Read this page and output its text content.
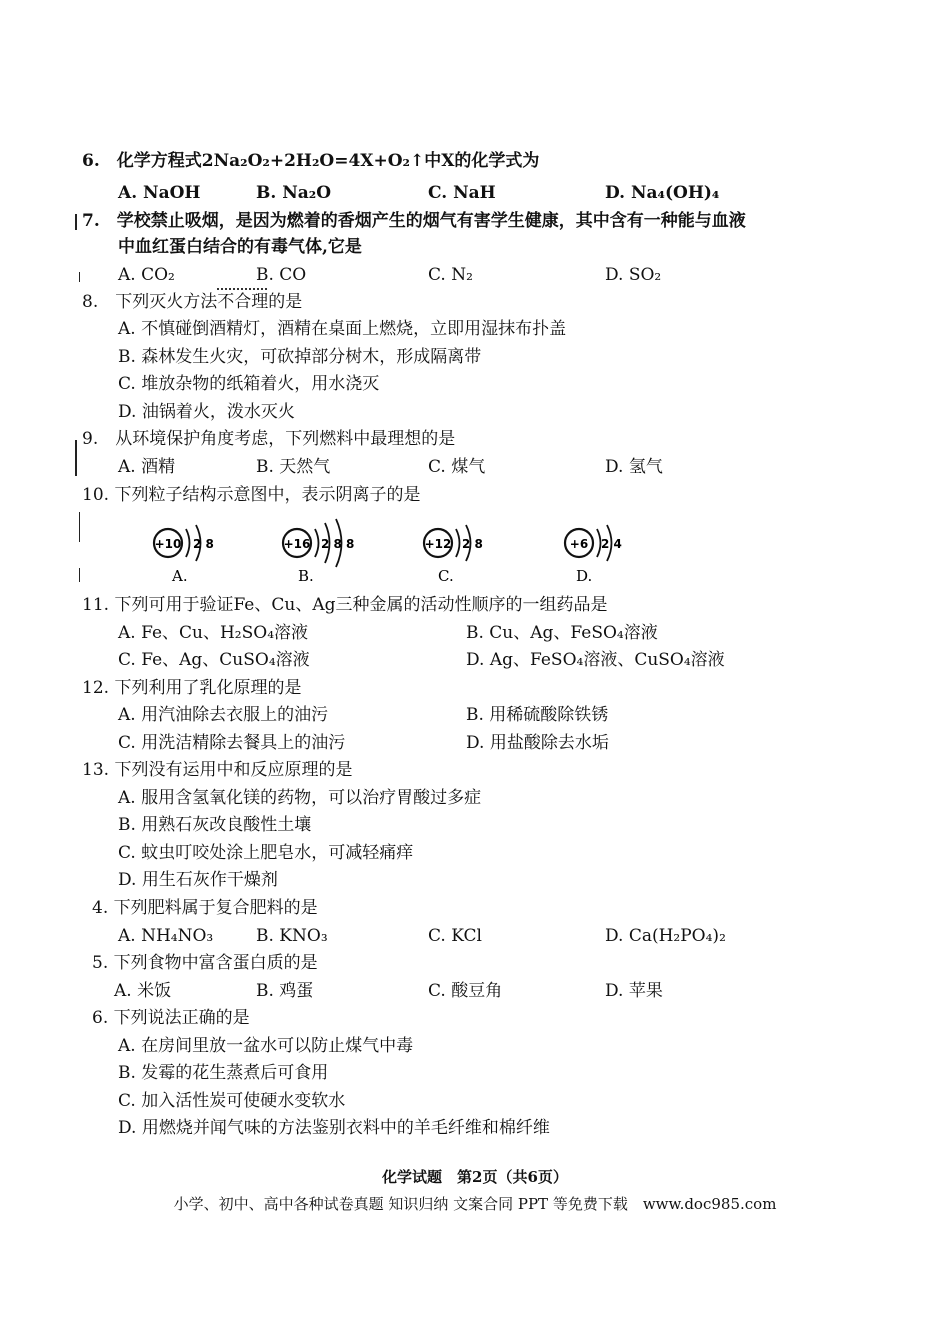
6.　化学方程式2Na₂O₂+2H₂O=4X+O₂↑中X的化学式为
A. NaOH	B. Na₂O	C. NaH	D. Na₄(OH)₄
7.　学校禁止吸烟，是因为燃着的香烟产生的烟气有害学生健康，其中含有一种能与血液
中血红蛋白结合的有毒气体,它是
A. CO₂	B. CO	C. N₂	D. SO₂
8.　下列灭火方法不合理的是
A. 不慎碰倒酒精灯，酒精在桌面上燃烧，立即用湿抹布扑盖
B. 森林发生火灾，可砍掉部分树木，形成隔离带
C. 堆放杂物的纸箱着火，用水浇灭
D. 油锅着火，泼水灭火
9.　从环境保护角度考虑，下列燃料中最理想的是
A. 酒精	B. 天然气	C. 煤气	D. 氢气
10. 下列粒子结构示意图中，表示阴离子的是
+10 2 8
A.
+16 2 8 8
B.
+12 2 8
C.
+6 2 4
D.
11. 下列可用于验证Fe、Cu、Ag三种金属的活动性顺序的一组药品是
A. Fe、Cu、H₂SO₄溶液	B. Cu、Ag、FeSO₄溶液
C. Fe、Ag、CuSO₄溶液	D. Ag、FeSO₄溶液、CuSO₄溶液
12. 下列利用了乳化原理的是
A. 用汽油除去衣服上的油污	B. 用稀硫酸除铁锈
C. 用洗洁精除去餐具上的油污	D. 用盐酸除去水垢
13. 下列没有运用中和反应原理的是
A. 服用含氢氧化镁的药物，可以治疗胃酸过多症
B. 用熟石灰改良酸性土壤
C. 蚊虫叮咬处涂上肥皂水，可减轻痛痒
D. 用生石灰作干燥剂
4. 下列肥料属于复合肥料的是
A. NH₄NO₃	B. KNO₃	C. KCl	D. Ca(H₂PO₄)₂
5. 下列食物中富含蛋白质的是
A. 米饭	B. 鸡蛋	C. 酸豆角	D. 苹果
6. 下列说法正确的是
A. 在房间里放一盆水可以防止煤气中毒
B. 发霉的花生蒸煮后可食用
C. 加入活性炭可使硬水变软水
D. 用燃烧并闻气味的方法鉴别衣料中的羊毛纤维和棉纤维
化学试题　第2页（共6页）
小学、初中、高中各种试卷真题 知识归纳 文案合同 PPT 等免费下载　www.doc985.com
